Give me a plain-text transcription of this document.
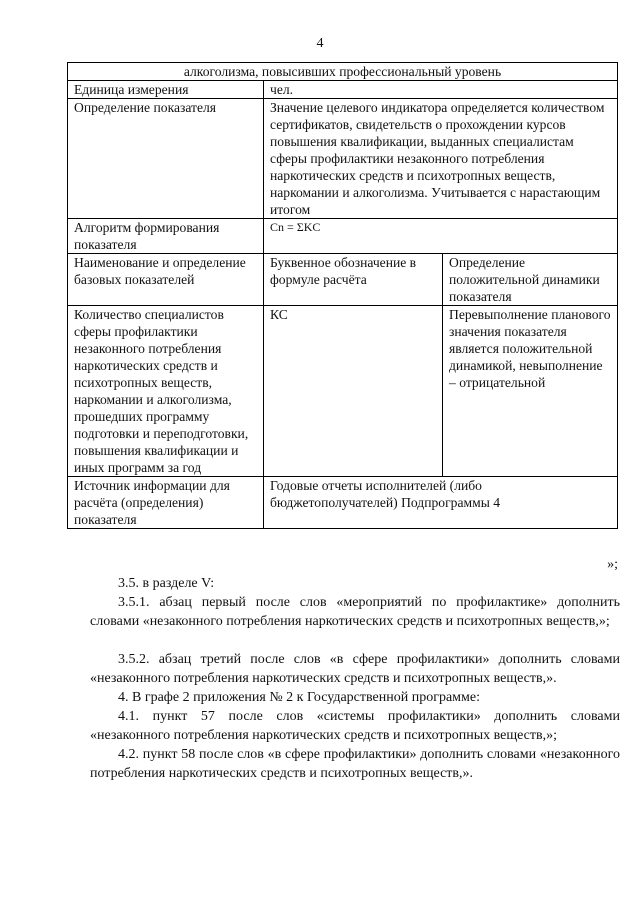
4
алкоголизма, повысивших профессиональный уровень		
Единица измерения	чел.	
Определение показателя	Значение целевого индикатора определяется количеством сертификатов, свидетельств о прохождении курсов повышения квалификации, выданных специалистам сферы профилактики незаконного потребления наркотических средств и психотропных веществ, наркомании и алкоголизма. Учитывается с нарастающим итогом	
Алгоритм формирования показателя	Cn = ΣKC	
Наименование и определение базовых показателей	Буквенное обозначение в формуле расчёта	Определение положительной динамики показателя
Количество специалистов сферы профилактики незаконного потребления наркотических средств и психотропных веществ, наркомании и алкоголизма, прошедших программу подготовки и переподготовки, повышения квалификации и иных программ за год	КС	Перевыполнение планового значения показателя является положительной динамикой, невыполнение – отрицательной
Источник информации для расчёта (определения) показателя	Годовые отчеты исполнителей (либо бюджетополучателей) Подпрограммы 4	
»;
3.5. в разделе V:
3.5.1. абзац первый после слов «мероприятий по профилактике» дополнить словами «незаконного потребления наркотических средств и психотропных веществ,»;
3.5.2. абзац третий после слов «в сфере профилактики» дополнить словами «незаконного потребления наркотических средств и психотропных веществ,».
4. В графе 2 приложения № 2 к Государственной программе:
4.1. пункт 57 после слов «системы профилактики» дополнить словами «незаконного потребления наркотических средств и психотропных веществ,»;
4.2. пункт 58 после слов «в сфере профилактики» дополнить словами «незаконного потребления наркотических средств и психотропных веществ,».
